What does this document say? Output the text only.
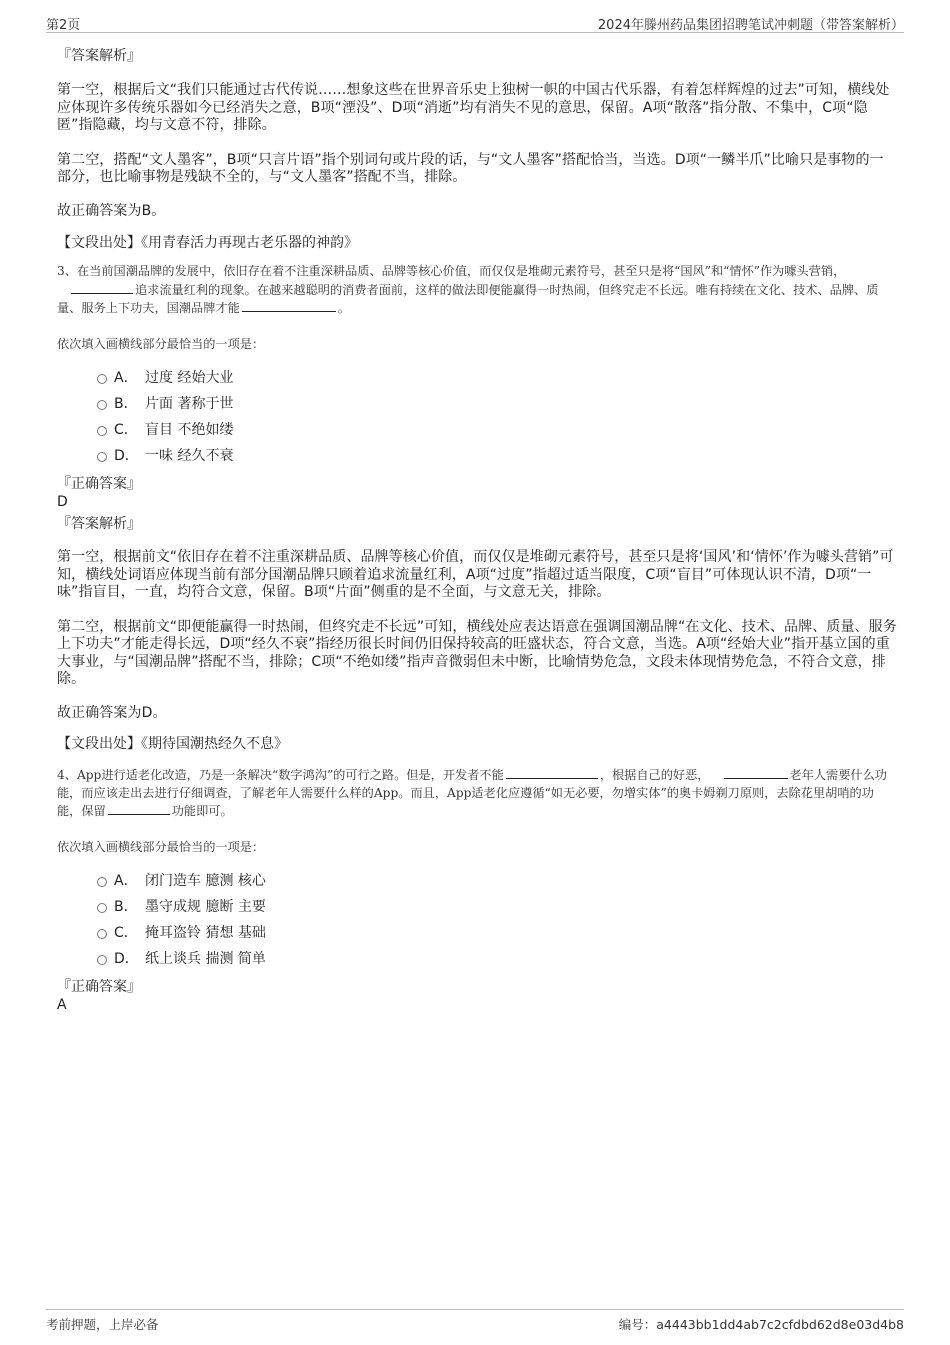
第2页	2024年滕州药品集团招聘笔试冲刺题（带答案解析）

『答案解析』

第一空，根据后文“我们只能通过古代传说……想象这些在世界音乐史上独树一帜的中国古代乐器，有着怎样辉煌的过去”可知，横线处应体现许多传统乐器如今已经消失之意，B项“湮没”、D项“消逝”均有消失不见的意思，保留。A项“散落”指分散、不集中，C项“隐匿”指隐藏，均与文意不符，排除。

第二空，搭配“文人墨客”，B项“只言片语”指个别词句或片段的话，与“文人墨客”搭配恰当，当选。D项“一鳞半爪”比喻只是事物的一部分，也比喻事物是残缺不全的，与“文人墨客”搭配不当，排除。

故正确答案为B。

【文段出处】《用青春活力再现古老乐器的神韵》

3、在当前国潮品牌的发展中，依旧存在着不注重深耕品质、品牌等核心价值，而仅仅是堆砌元素符号，甚至只是将“国风”和“情怀”作为噱头营销，追求流量红利的现象。在越来越聪明的消费者面前，这样的做法即便能赢得一时热闹，但终究走不长远。唯有持续在文化、技术、品牌、质量、服务上下功夫，国潮品牌才能	。

依次填入画横线部分最恰当的一项是：

A． 过度 经始大业
B． 片面 著称于世
C． 盲目 不绝如缕
D． 一味 经久不衰

『正确答案』

D

『答案解析』

第一空，根据前文“依旧存在着不注重深耕品质、品牌等核心价值，而仅仅是堆砌元素符号，甚至只是将‘国风’和‘情怀’作为噱头营销”可知，横线处词语应体现当前有部分国潮品牌只顾着追求流量红利，A项“过度”指超过适当限度，C项“盲目”可体现认识不清，D项“一味”指盲目，一直，均符合文意，保留。B项“片面”侧重的是不全面，与文意无关，排除。

第二空，根据前文“即便能赢得一时热闹，但终究走不长远”可知，横线处应表达语意在强调国潮品牌“在文化、技术、品牌、质量、服务上下功夫”才能走得长远，D项“经久不衰”指经历很长时间仍旧保持较高的旺盛状态，符合文意，当选。A项“经始大业”指开基立国的重大事业，与“国潮品牌”搭配不当，排除；C项“不绝如缕”指声音微弱但未中断，比喻情势危急，文段未体现情势危急，不符合文意，排除。

故正确答案为D。

【文段出处】《期待国潮热经久不息》

4、App进行适老化改造，乃是一条解决“数字鸿沟”的可行之路。但是，开发者不能	，根据自己的好恶，	老年人需要什么功能，而应该走出去进行仔细调查，了解老年人需要什么样的App。而且，App适老化应遵循“如无必要，勿增实体”的奥卡姆剃刀原则，去除花里胡哨的功能，保留	功能即可。

依次填入画横线部分最恰当的一项是：

A． 闭门造车 臆测 核心
B． 墨守成规 臆断 主要
C． 掩耳盗铃 猜想 基础
D． 纸上谈兵 揣测 简单

『正确答案』

A

考前押题，上岸必备	编号：a4443bb1dd4ab7c2cfdbd62d8e03d4b8
